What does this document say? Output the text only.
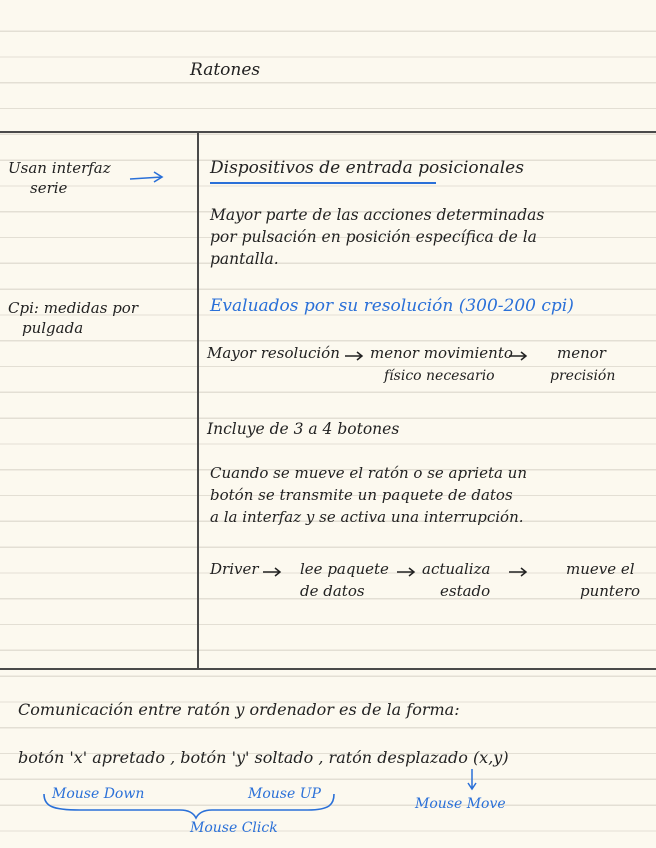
Ratones
Usan interfaz
serie
Cpi: medidas por
pulgada
Dispositivos de entrada posicionales
Mayor parte de las acciones determinadas
por pulsación en posición específica de la
pantalla.
Evaluados por su resolución (300-200 cpi)
Mayor resolución menor movimiento
físico necesario
menor
precisión
Incluye de 3 a 4 botones
Cuando se mueve el ratón o se aprieta un
botón se transmite un paquete de datos
a la interfaz y se activa una interrupción.
Driver	lee paquete
de datos
actualiza
estado
mueve el
puntero
Comunicación entre ratón y ordenador es de la forma:
botón 'x' apretado , botón 'y' soltado , ratón desplazado (x,y)
Mouse Down	Mouse UP
Mouse Move
Mouse Click
